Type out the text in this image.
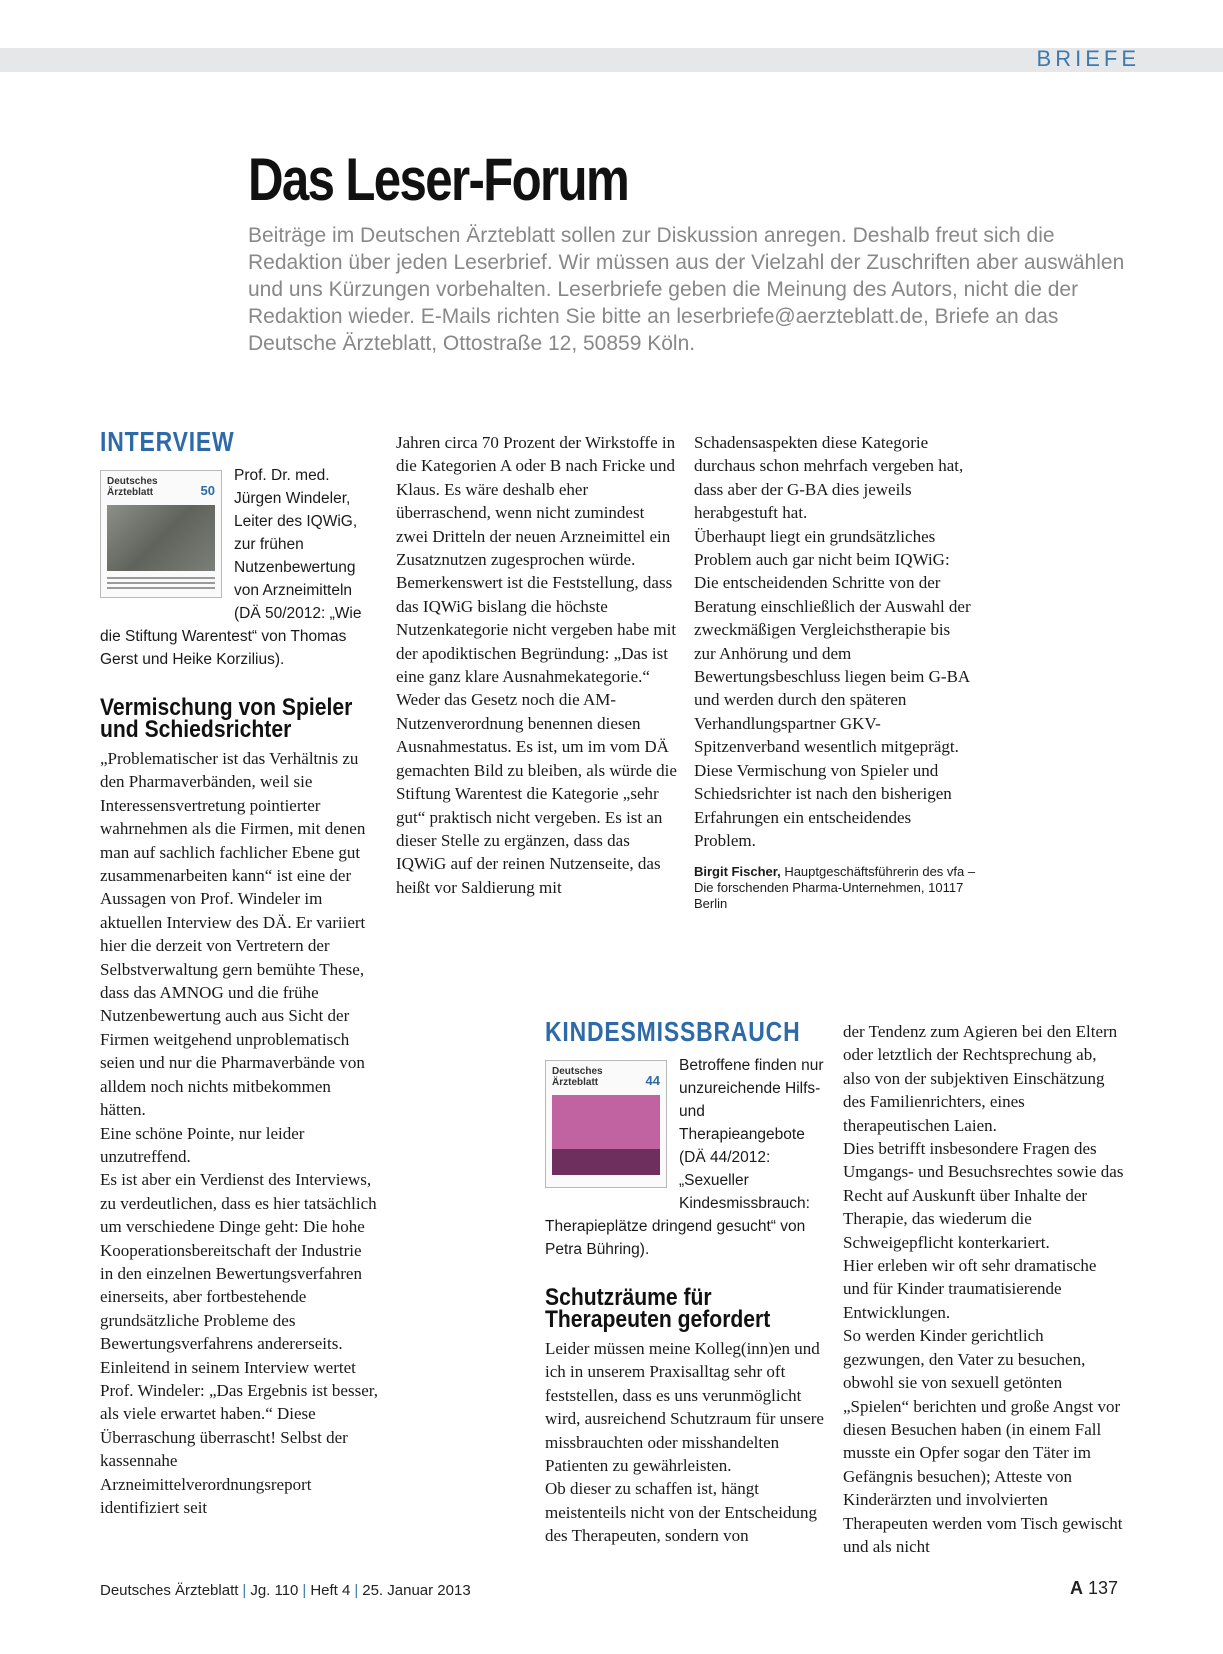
BRIEFE
Das Leser-Forum

Beiträge im Deutschen Ärzteblatt sollen zur Diskussion anregen. Deshalb freut sich die Redaktion über jeden Leserbrief. Wir müssen aus der Vielzahl der Zuschriften aber auswählen und uns Kürzungen vorbehalten. Leserbriefe geben die Meinung des Autors, nicht die der Redaktion wieder. E-Mails richten Sie bitte an leserbriefe@aerzteblatt.de, Briefe an das Deutsche Ärzteblatt, Ottostraße 12, 50859 Köln.

INTERVIEW
Deutsches Ärzteblatt	50
Prof. Dr. med. Jürgen Windeler, Leiter des IQWiG, zur frühen Nutzenbewertung von Arzneimitteln (DÄ 50/2012: „Wie die Stiftung Warentest“ von Thomas Gerst und Heike Korzilius).
Vermischung von Spieler und Schiedsrichter

„Problematischer ist das Verhältnis zu den Pharmaverbänden, weil sie Interessensvertretung pointierter wahrnehmen als die Firmen, mit denen man auf sachlich fachlicher Ebene gut zusammenarbeiten kann“ ist eine der Aussagen von Prof. Windeler im aktuellen Interview des DÄ. Er variiert hier die derzeit von Vertretern der Selbstverwaltung gern bemühte These, dass das AMNOG und die frühe Nutzenbewertung auch aus Sicht der Firmen weitgehend unproblematisch seien und nur die Pharmaverbände von alldem noch nichts mitbekommen hätten.

Eine schöne Pointe, nur leider unzutreffend.

Es ist aber ein Verdienst des Interviews, zu verdeutlichen, dass es hier tatsächlich um verschiedene Dinge geht: Die hohe Kooperationsbereitschaft der Industrie in den einzelnen Bewertungsverfahren einerseits, aber fortbestehende grundsätzliche Probleme des Bewertungsverfahrens andererseits.

Einleitend in seinem Interview wertet Prof. Windeler: „Das Ergebnis ist besser, als viele erwartet haben.“ Diese Überraschung überrascht! Selbst der kassennahe Arzneimittelverordnungsreport identifiziert seit

Jahren circa 70 Prozent der Wirkstoffe in die Kategorien A oder B nach Fricke und Klaus. Es wäre deshalb eher überraschend, wenn nicht zumindest zwei Dritteln der neuen Arzneimittel ein Zusatznutzen zugesprochen würde.

Bemerkenswert ist die Feststellung, dass das IQWiG bislang die höchste Nutzenkategorie nicht vergeben habe mit der apodiktischen Begründung: „Das ist eine ganz klare Ausnahmekategorie.“ Weder das Gesetz noch die AM-Nutzenverordnung benennen diesen Ausnahmestatus. Es ist, um im vom DÄ gemachten Bild zu bleiben, als würde die Stiftung Warentest die Kategorie „sehr gut“ praktisch nicht vergeben. Es ist an dieser Stelle zu ergänzen, dass das IQWiG auf der reinen Nutzenseite, das heißt vor Saldierung mit

Schadensaspekten diese Kategorie durchaus schon mehrfach vergeben hat, dass aber der G-BA dies jeweils herabgestuft hat.

Überhaupt liegt ein grundsätzliches Problem auch gar nicht beim IQWiG: Die entscheidenden Schritte von der Beratung einschließlich der Auswahl der zweckmäßigen Vergleichstherapie bis zur Anhörung und dem Bewertungsbeschluss liegen beim G-BA und werden durch den späteren Verhandlungspartner GKV-Spitzenverband wesentlich mitgeprägt. Diese Vermischung von Spieler und Schiedsrichter ist nach den bisherigen Erfahrungen ein entscheidendes Problem.

Birgit Fischer, Hauptgeschäftsführerin des vfa – Die forschenden Pharma-Unternehmen, 10117 Berlin
KINDESMISSBRAUCH
Deutsches Ärzteblatt	44
Betroffene finden nur unzureichende Hilfs- und Therapieangebote (DÄ 44/2012: „Sexueller Kindesmissbrauch: Therapieplätze dringend gesucht“ von Petra Bühring).
Schutzräume für Therapeuten gefordert

Leider müssen meine Kolleg(inn)en und ich in unserem Praxisalltag sehr oft feststellen, dass es uns verunmöglicht wird, ausreichend Schutzraum für unsere missbrauchten oder misshandelten Patienten zu gewährleisten.

Ob dieser zu schaffen ist, hängt meistenteils nicht von der Entscheidung des Therapeuten, sondern von

der Tendenz zum Agieren bei den Eltern oder letztlich der Rechtsprechung ab, also von der subjektiven Einschätzung des Familienrichters, eines therapeutischen Laien.

Dies betrifft insbesondere Fragen des Umgangs- und Besuchsrechtes sowie das Recht auf Auskunft über Inhalte der Therapie, das wiederum die Schweigepflicht konterkariert.

Hier erleben wir oft sehr dramatische und für Kinder traumatisierende Entwicklungen.

So werden Kinder gerichtlich gezwungen, den Vater zu besuchen, obwohl sie von sexuell getönten „Spielen“ berichten und große Angst vor diesen Besuchen haben (in einem Fall musste ein Opfer sogar den Täter im Gefängnis besuchen); Atteste von Kinderärzten und involvierten Therapeuten werden vom Tisch gewischt und als nicht

Deutsches Ärzteblatt | Jg. 110 | Heft 4 | 25. Januar 2013	A 137
